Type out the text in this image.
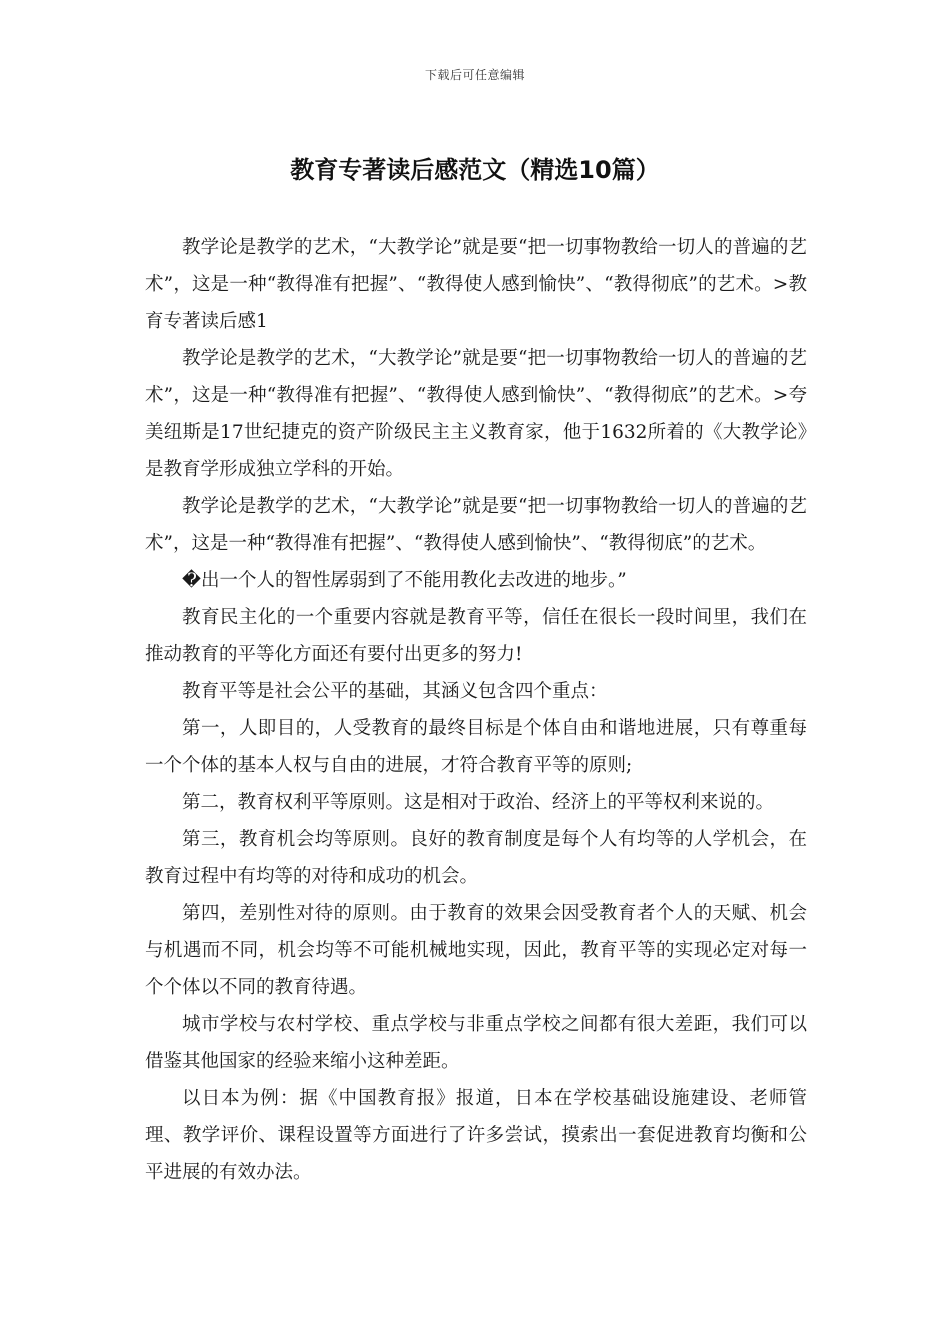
下载后可任意编辑
教育专著读后感范文（精选10篇）

教学论是教学的艺术，“大教学论”就是要“把一切事物教给一切人的普遍的艺术”，这是一种“教得准有把握”、“教得使人感到愉快”、“教得彻底”的艺术。>教育专著读后感1

教学论是教学的艺术，“大教学论”就是要“把一切事物教给一切人的普遍的艺术”，这是一种“教得准有把握”、“教得使人感到愉快”、“教得彻底”的艺术。>夸美纽斯是17世纪捷克的资产阶级民主主义教育家，他于1632所着的《大教学论》是教育学形成独立学科的开始。

教学论是教学的艺术，“大教学论”就是要“把一切事物教给一切人的普遍的艺术”，这是一种“教得准有把握”、“教得使人感到愉快”、“教得彻底”的艺术。

�出一个人的智性孱弱到了不能用教化去改进的地步。”

教育民主化的一个重要内容就是教育平等，信任在很长一段时间里，我们在推动教育的平等化方面还有要付出更多的努力!

教育平等是社会公平的基础，其涵义包含四个重点：

第一，人即目的，人受教育的最终目标是个体自由和谐地进展，只有尊重每一个个体的基本人权与自由的进展，才符合教育平等的原则;

第二，教育权利平等原则。这是相对于政治、经济上的平等权利来说的。

第三，教育机会均等原则。良好的教育制度是每个人有均等的人学机会，在教育过程中有均等的对待和成功的机会。

第四，差别性对待的原则。由于教育的效果会因受教育者个人的天赋、机会与机遇而不同，机会均等不可能机械地实现，因此，教育平等的实现必定对每一个个体以不同的教育待遇。

城市学校与农村学校、重点学校与非重点学校之间都有很大差距，我们可以借鉴其他国家的经验来缩小这种差距。

以日本为例：据《中国教育报》报道，日本在学校基础设施建设、老师管理、教学评价、课程设置等方面进行了许多尝试，摸索出一套促进教育均衡和公平进展的有效办法。
